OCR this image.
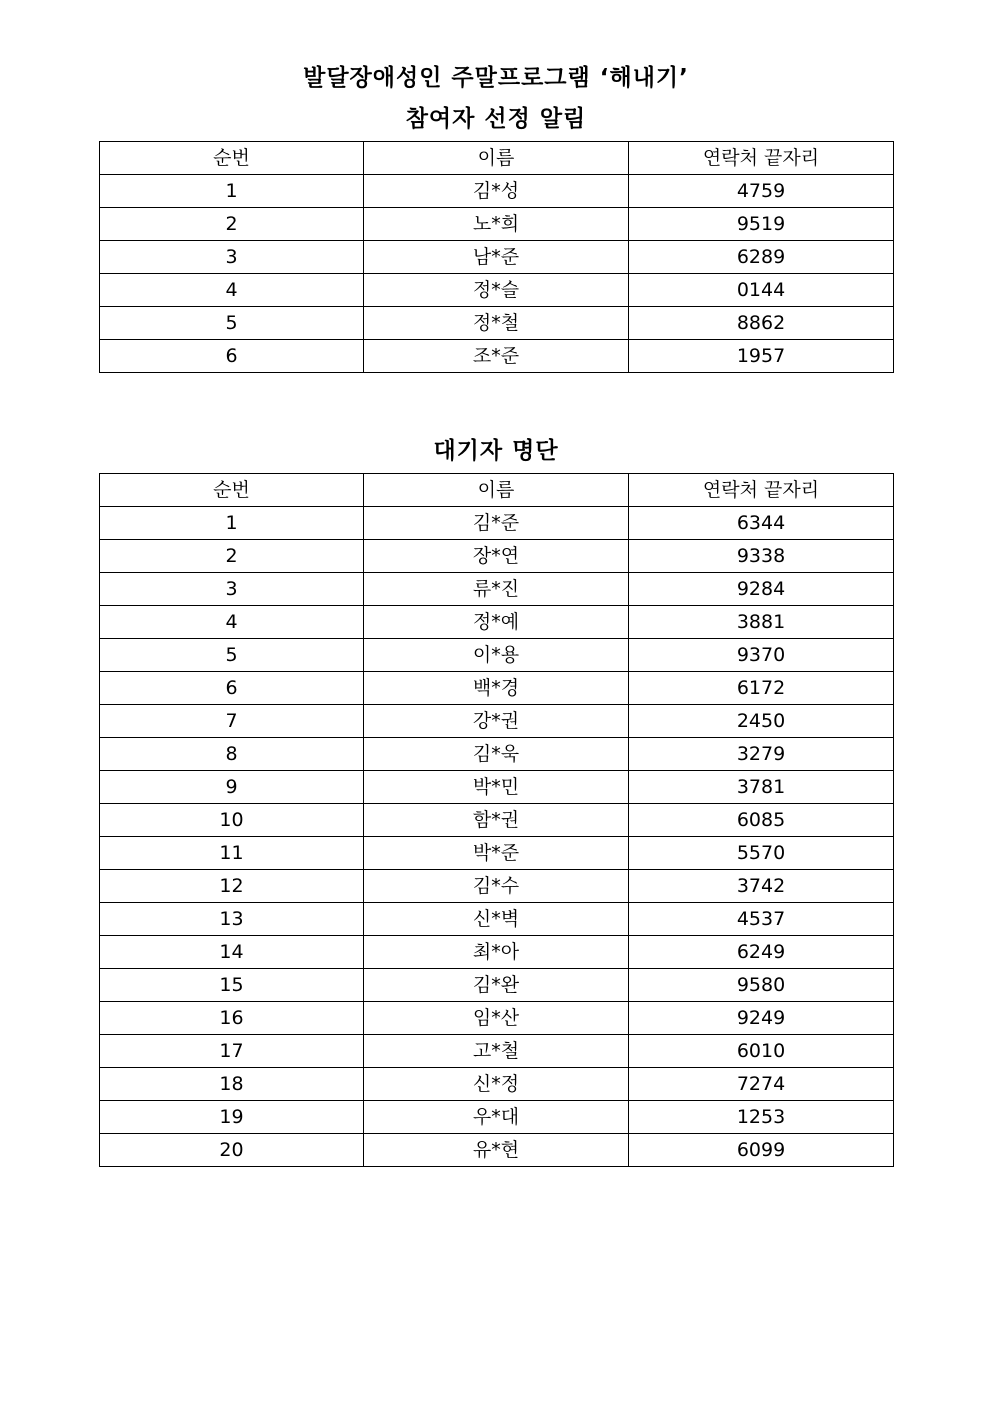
발달장애성인 주말프로그램 ‘해내기’
참여자 선정 알림
순번	이름	연락처 끝자리
1	김*성	4759
2	노*희	9519
3	남*준	6289
4	정*슬	0144
5	정*철	8862
6	조*준	1957
대기자 명단
순번	이름	연락처 끝자리
1	김*준	6344
2	장*연	9338
3	류*진	9284
4	정*예	3881
5	이*용	9370
6	백*경	6172
7	강*권	2450
8	김*욱	3279
9	박*민	3781
10	함*권	6085
11	박*준	5570
12	김*수	3742
13	신*벽	4537
14	최*아	6249
15	김*완	9580
16	임*산	9249
17	고*철	6010
18	신*정	7274
19	우*대	1253
20	유*현	6099
